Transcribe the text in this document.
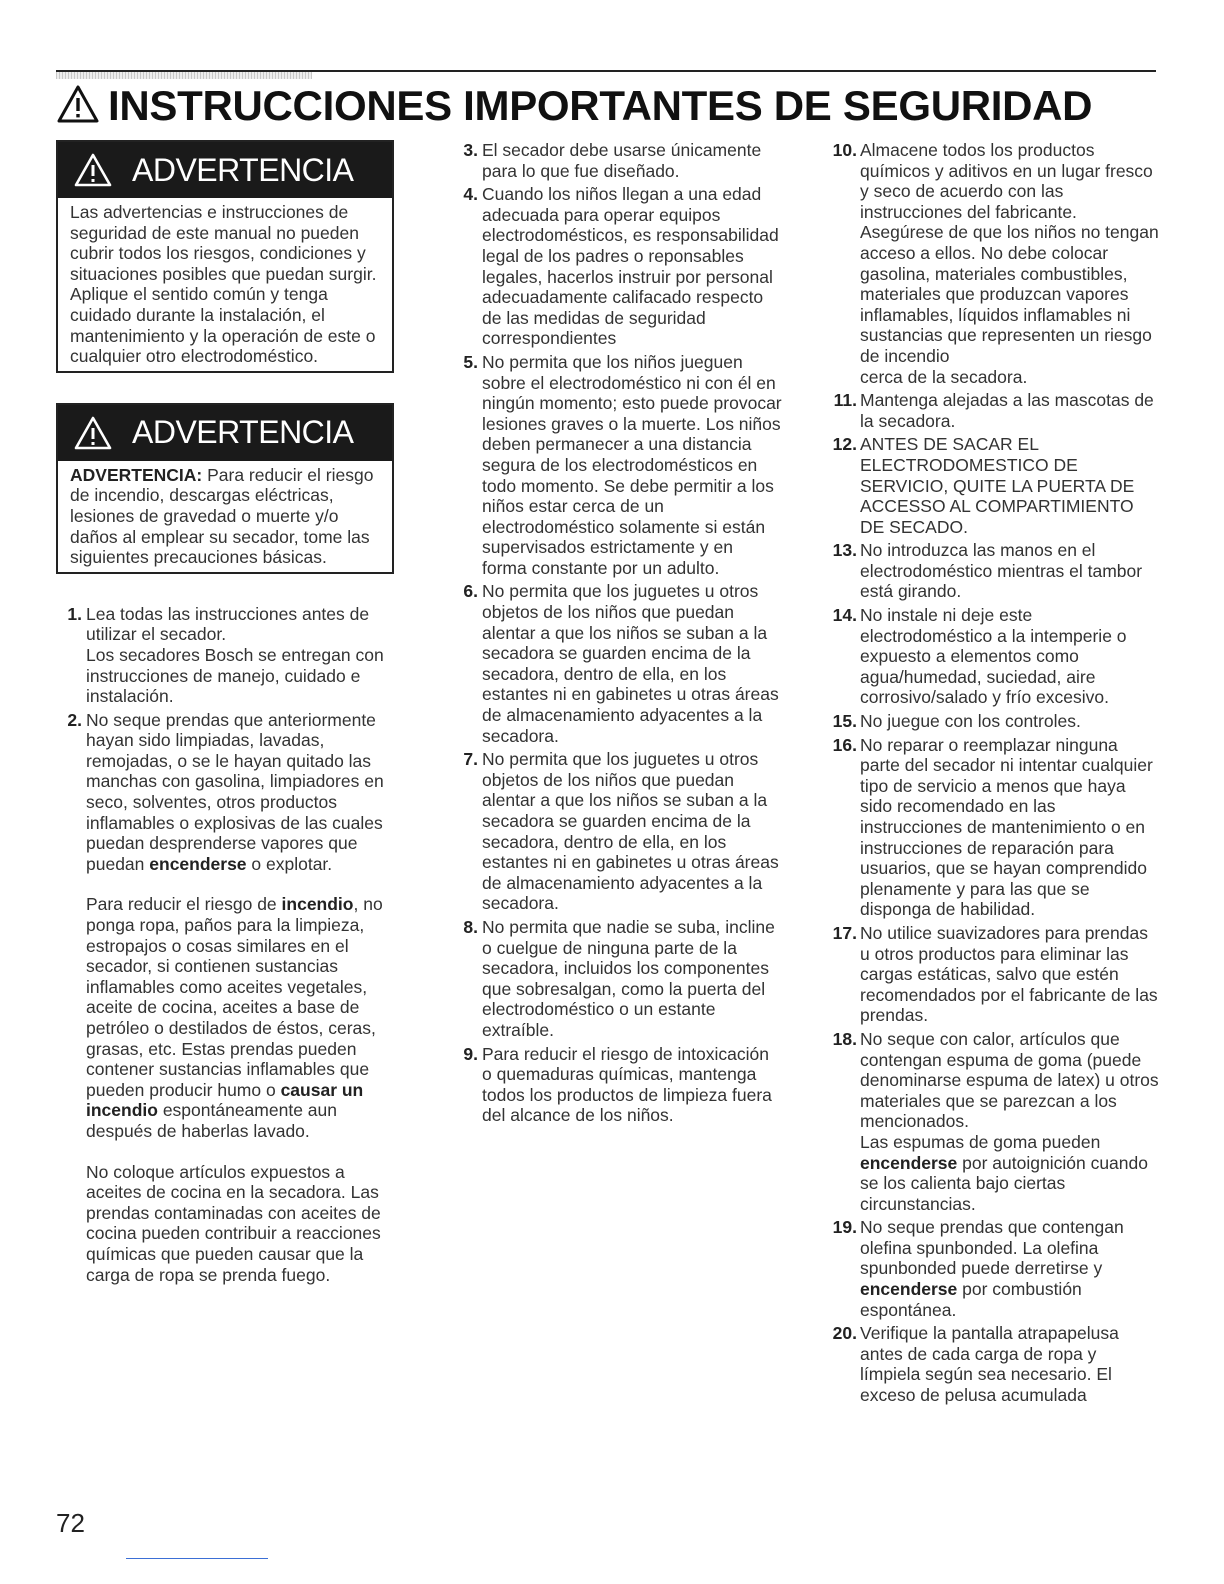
INSTRUCCIONES IMPORTANTES DE SEGURIDAD
ADVERTENCIA
Las advertencias e instrucciones de seguridad de este manual no pueden cubrir todos los riesgos, condiciones y situaciones posibles que puedan surgir. Aplique el sentido común y tenga cuidado durante la instalación, el mantenimiento y la operación de este o cualquier otro electrodoméstico.
ADVERTENCIA
ADVERTENCIA: Para reducir el riesgo de incendio, descargas eléctricas, lesiones de gravedad o muerte y/o daños al emplear su secador, tome las siguientes precauciones básicas.
1. Lea todas las instrucciones antes de utilizar el secador.
Los secadores Bosch se entregan con instrucciones de manejo, cuidado e instalación.
2. No seque prendas que anteriormente hayan sido limpiadas, lavadas, remojadas, o se le hayan quitado las manchas con gasolina, limpiadores en seco, solventes, otros productos inflamables o explosivas de las cuales puedan desprenderse vapores que puedan encenderse o explotar.
Para reducir el riesgo de incendio, no ponga ropa, paños para la limpieza, estropajos o cosas similares en el secador, si contienen sustancias inflamables como aceites vegetales, aceite de cocina, aceites a base de petróleo o destilados de éstos, ceras, grasas, etc. Estas prendas pueden contener sustancias inflamables que pueden producir humo o causar un incendio espontáneamente aun después de haberlas lavado.
No coloque artículos expuestos a aceites de cocina en la secadora. Las prendas contaminadas con aceites de cocina pueden contribuir a reacciones químicas que pueden causar que la carga de ropa se prenda fuego.
3. El secador debe usarse únicamente para lo que fue diseñado.
4. Cuando los niños llegan a una edad adecuada para operar equipos electrodomésticos, es responsabilidad legal de los padres o reponsables legales, hacerlos instruir por personal adecuadamente califacado respecto de las medidas de seguridad correspondientes
5. No permita que los niños jueguen sobre el electrodoméstico ni con él en ningún momento; esto puede provocar lesiones graves o la muerte. Los niños deben permanecer a una distancia segura de los electrodomésticos en todo momento. Se debe permitir a los niños estar cerca de un electrodoméstico solamente si están supervisados estrictamente y en forma constante por un adulto.
6. No permita que los juguetes u otros objetos de los niños que puedan alentar a que los niños se suban a la secadora se guarden encima de la secadora, dentro de ella, en los estantes ni en gabinetes u otras áreas de almacenamiento adyacentes a la secadora.
7. No permita que los juguetes u otros objetos de los niños que puedan alentar a que los niños se suban a la secadora se guarden encima de la secadora, dentro de ella, en los estantes ni en gabinetes u otras áreas de almacenamiento adyacentes a la secadora.
8. No permita que nadie se suba, incline o cuelgue de ninguna parte de la secadora, incluidos los componentes que sobresalgan, como la puerta del electrodoméstico o un estante extraíble.
9. Para reducir el riesgo de intoxicación o quemaduras químicas, mantenga todos los productos de limpieza fuera del alcance de los niños.
10. Almacene todos los productos químicos y aditivos en un lugar fresco y seco de acuerdo con las instrucciones del fabricante. Asegúrese de que los niños no tengan acceso a ellos. No debe colocar gasolina, materiales combustibles, materiales que produzcan vapores inflamables, líquidos inflamables ni sustancias que representen un riesgo de incendio
cerca de la secadora.
11. Mantenga alejadas a las mascotas de la secadora.
12. ANTES DE SACAR EL ELECTRODOMESTICO DE SERVICIO, QUITE LA PUERTA DE ACCESSO AL COMPARTIMIENTO DE SECADO.
13. No introduzca las manos en el electrodoméstico mientras el tambor está girando.
14. No instale ni deje este electrodoméstico a la intemperie o expuesto a elementos como agua/humedad, suciedad, aire corrosivo/salado y frío excesivo.
15. No juegue con los controles.
16. No reparar o reemplazar ninguna parte del secador ni intentar cualquier tipo de servicio a menos que haya sido recomendado en las instrucciones de mantenimiento o en instrucciones de reparación para usuarios, que se hayan comprendido plenamente y para las que se disponga de habilidad.
17. No utilice suavizadores para prendas u otros productos para eliminar las cargas estáticas, salvo que estén recomendados por el fabricante de las prendas.
18. No seque con calor, artículos que contengan espuma de goma (puede denominarse espuma de latex) u otros materiales que se parezcan a los mencionados.
Las espumas de goma pueden encenderse por autoignición cuando se los calienta bajo ciertas circunstancias.
19. No seque prendas que contengan olefina spunbonded. La olefina spunbonded puede derretirse y encenderse por combustión espontánea.
20. Verifique la pantalla atrapapelusa antes de cada carga de ropa y límpiela según sea necesario. El exceso de pelusa acumulada
72
